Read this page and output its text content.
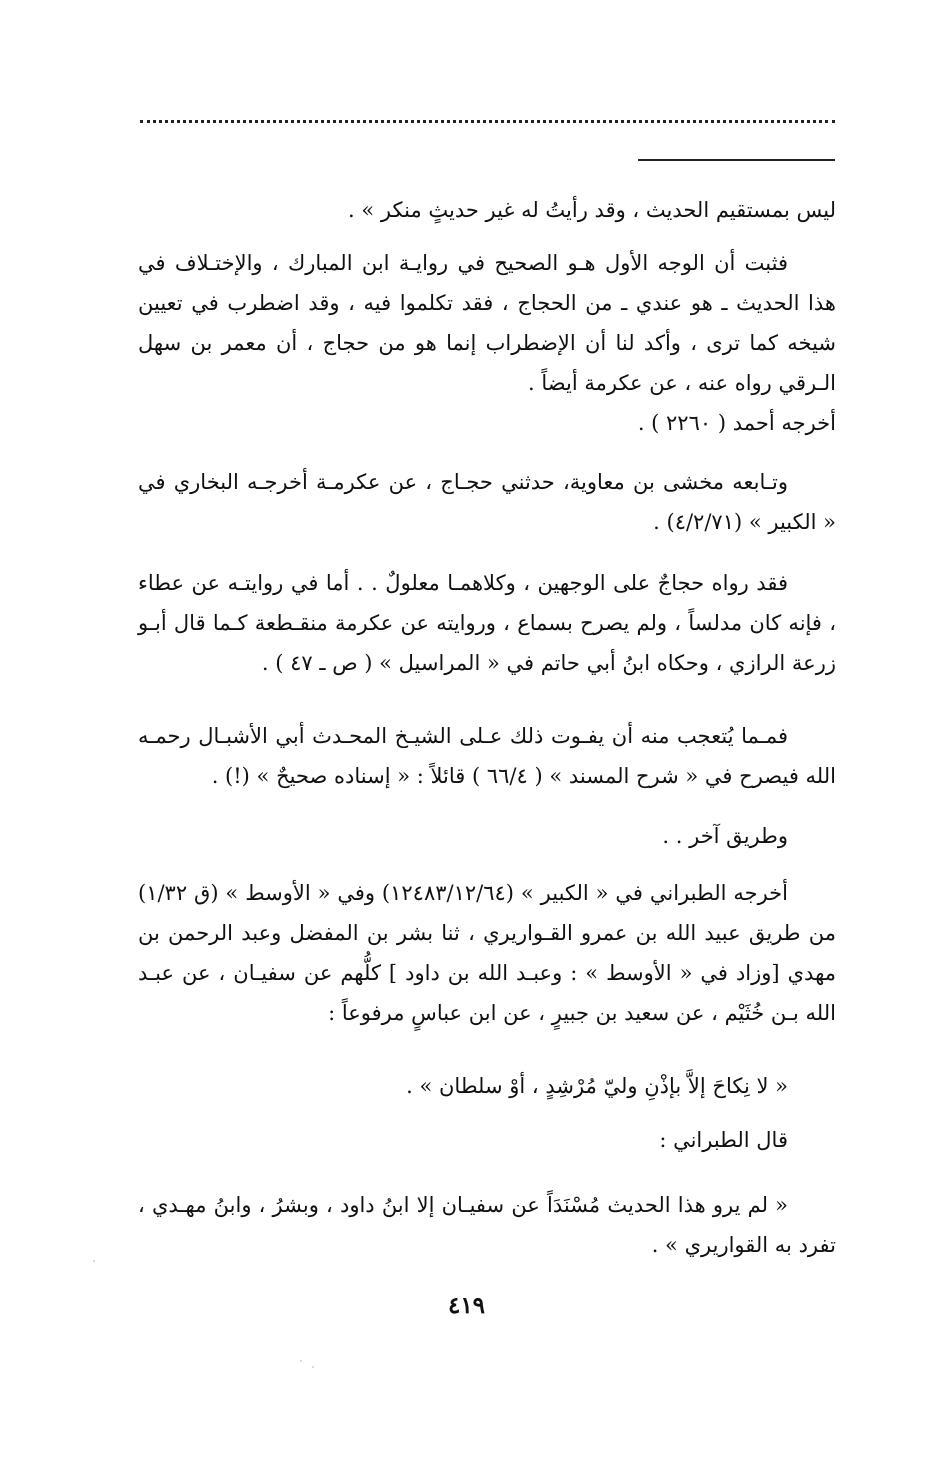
ليس بمستقيم الحديث ، وقد رأيتُ له غير حديثٍ منكر » .

فثبت أن الوجه الأول هـو الصحيح في روايـة ابن المبارك ، والإختـلاف في هذا الحديث ـ هو عندي ـ من الحجاج ، فقد تكلموا فيه ، وقد اضطرب في تعيين شيخه كما ترى ، وأكد لنا أن الإضطراب إنما هو من حجاج ، أن معمر بن سهل الـرقي رواه عنه ، عن عكرمة أيضاً .

أخرجه أحمد ( ٢٢٦٠ ) .

وتـابعه مخشى بن معاوية، حدثني حجـاج ، عن عكرمـة أخرجـه البخاري في « الكبير » (٤/٢/٧١) .

فقد رواه حجاجٌ على الوجهين ، وكلاهمـا معلولٌ . . أما في روايتـه عن عطاء ، فإنه كان مدلساً ، ولم يصرح بسماع ، وروايته عن عكرمة منقـطعة كـما قال أبـو زرعة الرازي ، وحكاه ابنُ أبي حاتم في « المراسيل » ( ص ـ ٤٧ ) .

فمـما يُتعجب منه أن يفـوت ذلك عـلى الشيـخ المحـدث أبي الأشبـال رحمـه الله فيصرح في « شرح المسند » ( ٦٦/٤ ) قائلاً : « إسناده صحيحٌ » (!) .

وطريق آخر . .

أخرجه الطبراني في « الكبير » (١٢٤٨٣/١٢/٦٤) وفي « الأوسط » (ق ١/٣٢) من طريق عبيد الله بن عمرو القـواريري ، ثنا بشر بن المفضل وعبد الرحمن بن مهدي [وزاد في « الأوسط » : وعبـد الله بن داود ] كلُّهم عن سفيـان ، عن عبـد الله بـن خُثَيْم ، عن سعيد بن جبيرٍ ، عن ابن عباسٍ مرفوعاً :

« لا نِكاحَ إلاَّ بإذْنِ وليّ مُرْشِدٍ ، أوْ سلطان » .

قال الطبراني :

« لم يرو هذا الحديث مُسْنَدَاً عن سفيـان إلا ابنُ داود ، وبشرُ ، وابنُ مهـدي ، تفرد به القواريري » .

٤١٩
